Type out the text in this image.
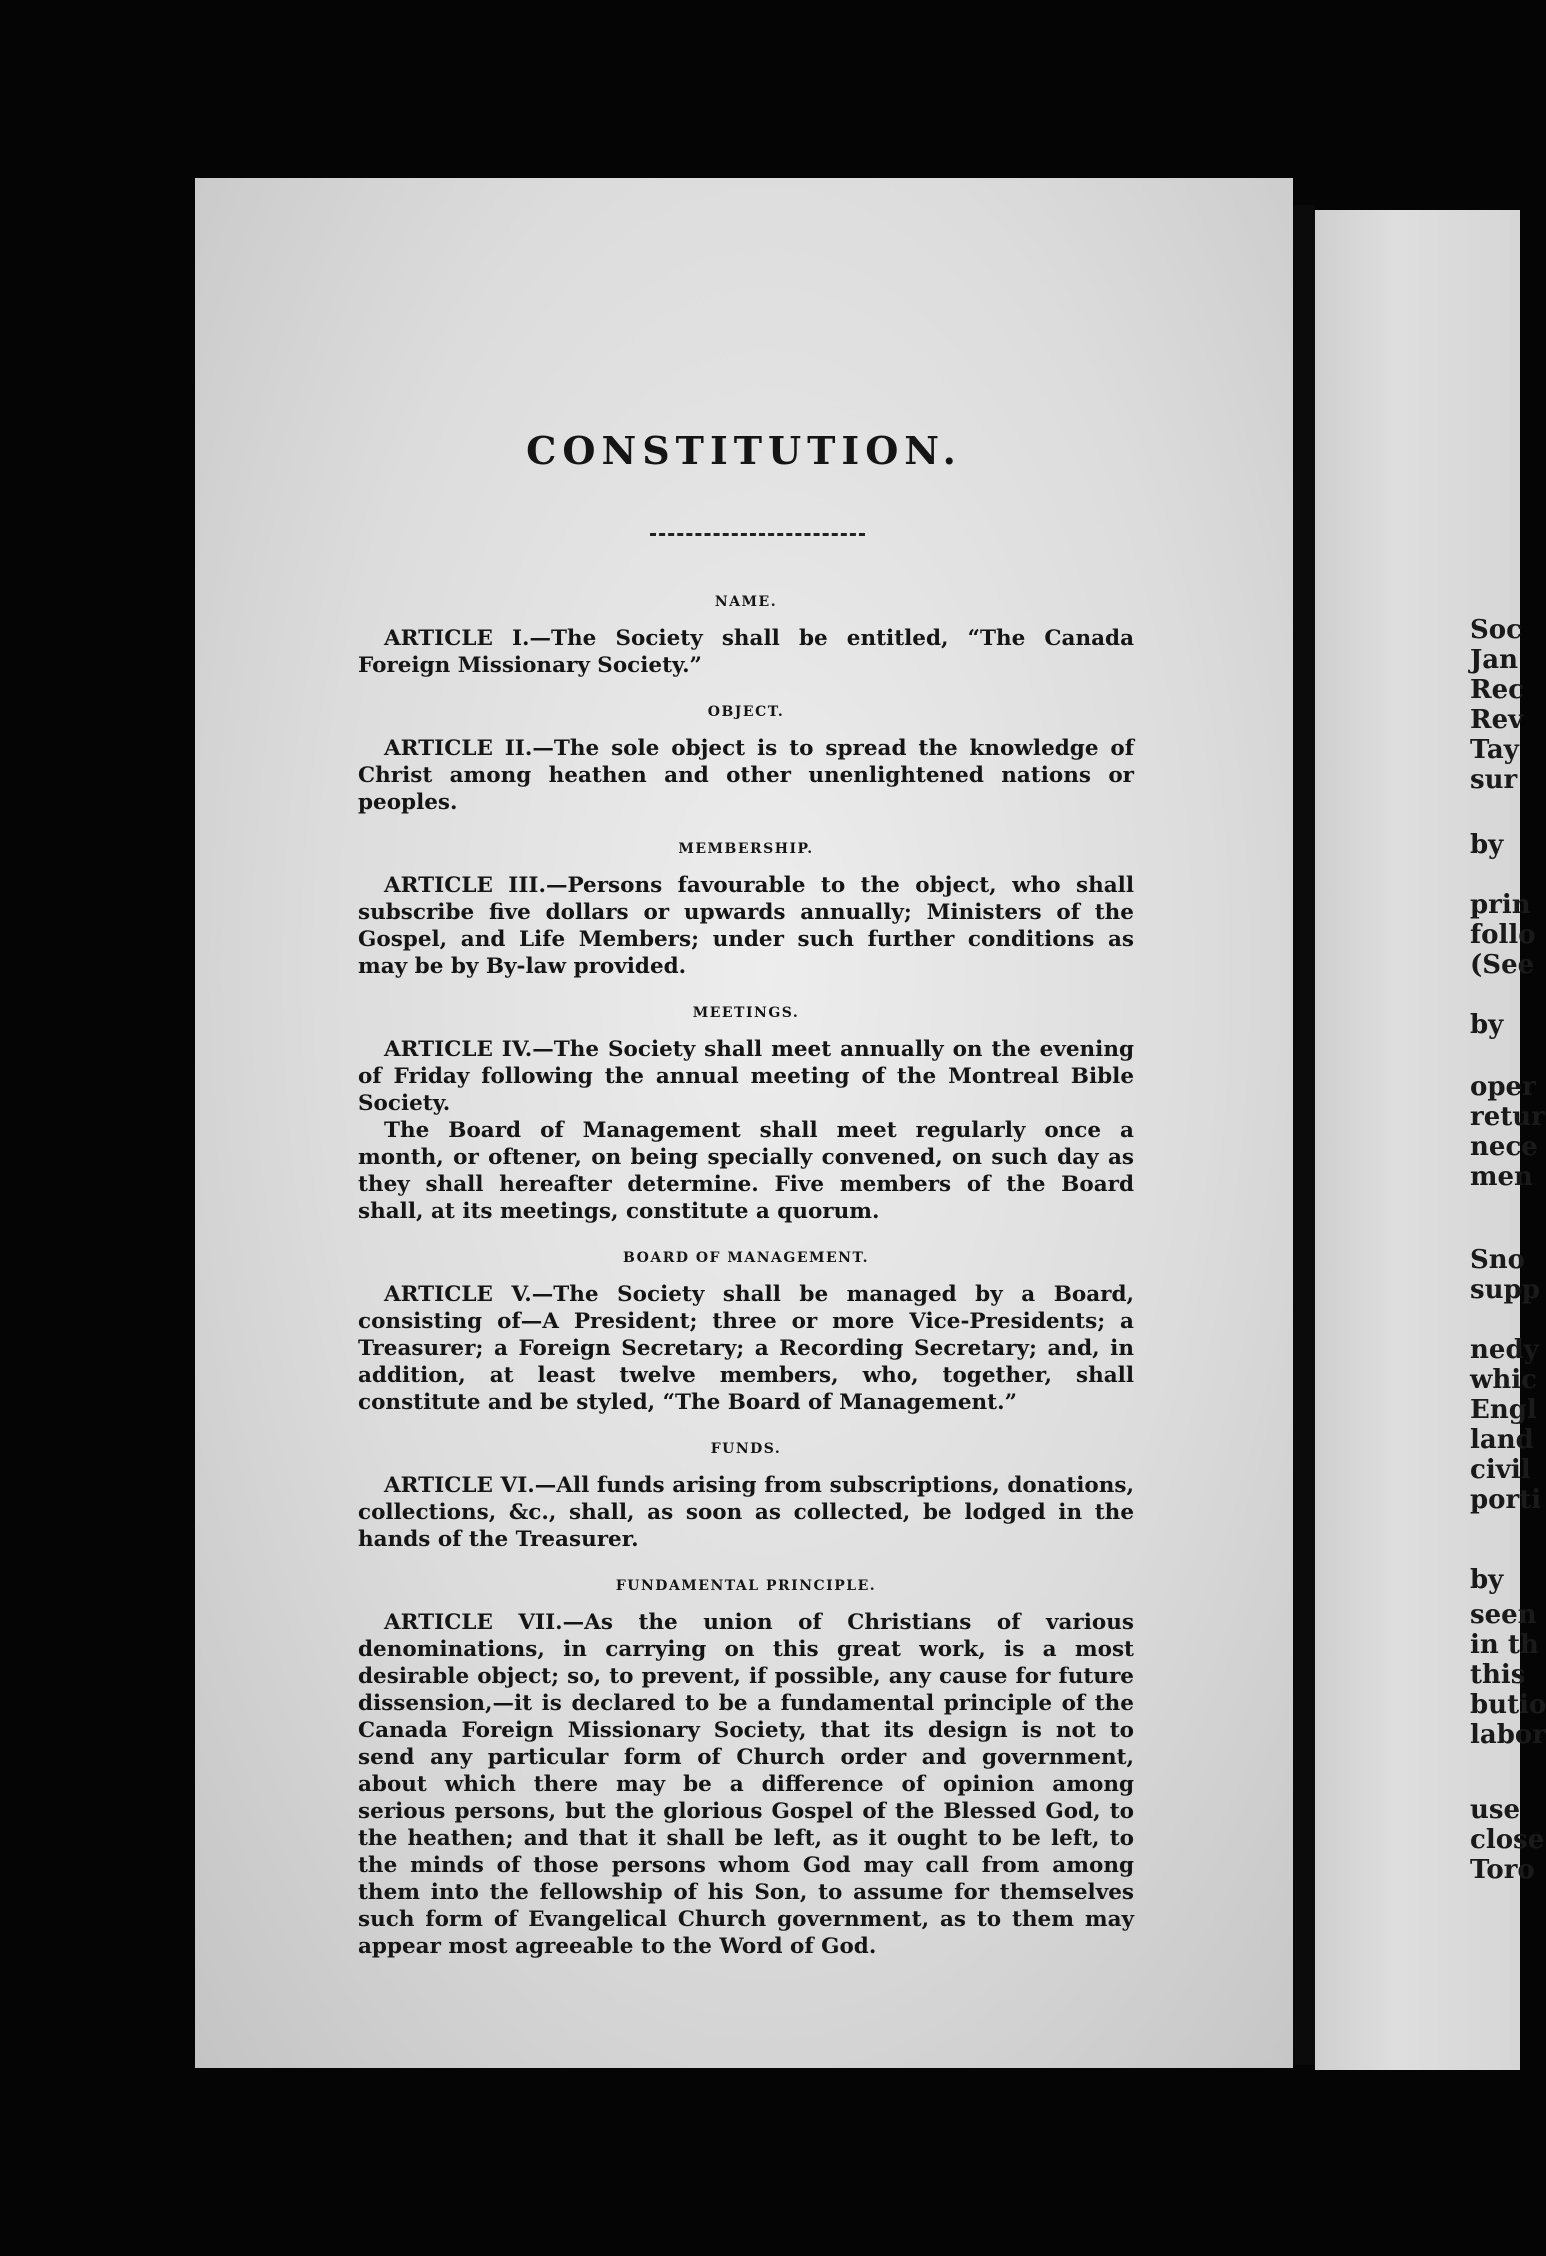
CONSTITUTION.
NAME.

ARTICLE I.—The Society shall be entitled, “The Canada Foreign Missionary Society.”

OBJECT.

ARTICLE II.—The sole object is to spread the knowledge of Christ among heathen and other unenlightened nations or peoples.

MEMBERSHIP.

ARTICLE III.—Persons favourable to the object, who shall subscribe five dollars or upwards annually; Ministers of the Gospel, and Life Members; under such further conditions as may be by By-law provided.

MEETINGS.

ARTICLE IV.—The Society shall meet annually on the evening of Friday following the annual meeting of the Montreal Bible Society.

The Board of Management shall meet regularly once a month, or oftener, on being specially convened, on such day as they shall hereafter determine. Five members of the Board shall, at its meetings, constitute a quorum.

BOARD OF MANAGEMENT.

ARTICLE V.—The Society shall be managed by a Board, consisting of—A President; three or more Vice-Presidents; a Treasurer; a Foreign Secretary; a Recording Secretary; and, in addition, at least twelve members, who, together, shall constitute and be styled, “The Board of Management.”

FUNDS.

ARTICLE VI.—All funds arising from subscriptions, donations, collections, &c., shall, as soon as collected, be lodged in the hands of the Treasurer.

FUNDAMENTAL PRINCIPLE.

ARTICLE VII.—As the union of Christians of various denominations, in carrying on this great work, is a most desirable object; so, to prevent, if possible, any cause for future dissension,—it is declared to be a fundamental principle of the Canada Foreign Missionary Society, that its design is not to send any particular form of Church order and government, about which there may be a difference of opinion among serious persons, but the glorious Gospel of the Blessed God, to the heathen; and that it shall be left, as it ought to be left, to the minds of those persons whom God may call from among them into the fellowship of his Son, to assume for themselves such form of Evangelical Church government, as to them may appear most agreeable to the Word of God.

Soc
Jan
Rec
Rev
Tay
sur
by
prin
follo
(See
by
oper
retur
nece
men
Sno
supp
nedy
whic
Engl
land
civil
porti
by
seen
in th
this
butio
labor
use
close
Toro
